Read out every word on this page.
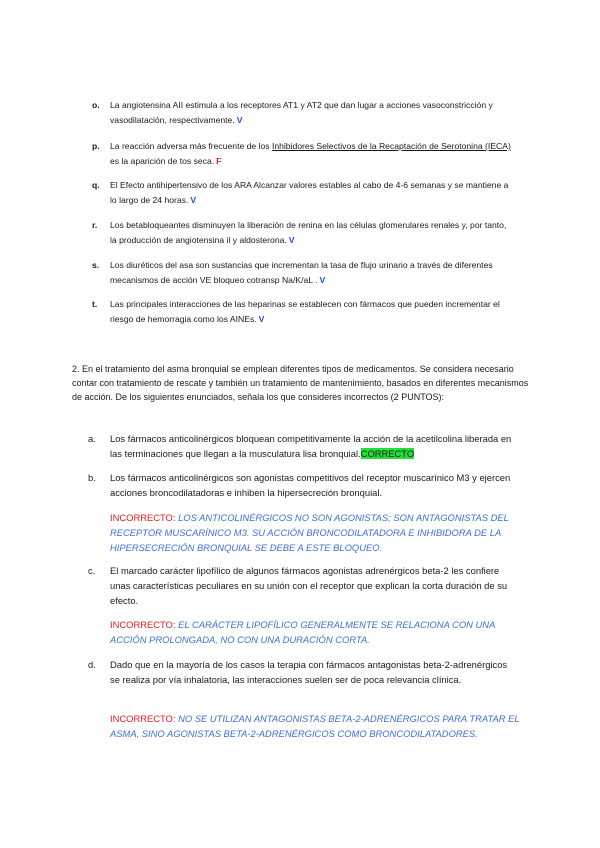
o. La angiotensina AII estimula a los receptores AT1 y AT2 que dan lugar a acciones vasoconstricción y vasodilatación, respectivamente. V
p. La reacción adversa más frecuente de los Inhibidores Selectivos de la Recaptación de Serotonina (IECA) es la aparición de tos seca. F
q. El Efecto antihipertensivo de los ARA Alcanzar valores estables al cabo de 4-6 semanas y se mantiene a lo largo de 24 horas. V
r. Los betabloqueantes disminuyen la liberación de renina en las células glomerulares renales y, por tanto, la producción de angiotensina il y aldosterona. V
s. Los diuréticos del asa son sustancias que incrementan la tasa de flujo urinario a través de diferentes mecanismos de acción VE bloqueo cotransp Na/K/aL . V
t. Las principales interacciones de las heparinas se establecen con fármacos que pueden incrementar el riesgo de hemorragia como los AINEs. V
2. En el tratamiento del asma bronquial se emplean diferentes tipos de medicamentos. Se considera necesario contar con tratamiento de rescate y también un tratamiento de mantenimiento, basados en diferentes mecanismos de acción. De los siguientes enunciados, señala los que consideres incorrectos (2 PUNTOS):
a. Los fármacos anticolinérgicos bloquean competitivamente la acción de la acetilcolina liberada en las terminaciones que llegan a la musculatura lisa bronquial.CORRECTO
b. Los fármacos anticolinérgicos son agonistas competitivos del receptor muscarínico M3 y ejercen acciones broncodilatadoras e inhiben la hipersecreción bronquial.
INCORRECTO: LOS ANTICOLINÉRGICOS NO SON AGONISTAS; SON ANTAGONISTAS DEL RECEPTOR MUSCARÍNICO M3. SU ACCIÓN BRONCODILATADORA E INHIBIDORA DE LA HIPERSECRECIÓN BRONQUIAL SE DEBE A ESTE BLOQUEO.
c. El marcado carácter lipofílico de algunos fármacos agonistas adrenérgicos beta-2 les confiere unas características peculiares en su unión con el receptor que explican la corta duración de su efecto.
INCORRECTO: EL CARÁCTER LIPOFÍLICO GENERALMENTE SE RELACIONA CON UNA ACCIÓN PROLONGADA, NO CON UNA DURACIÓN CORTA.
d. Dado que en la mayoría de los casos la terapia con fármacos antagonistas beta-2-adrenérgicos se realiza por vía inhalatoria, las interacciones suelen ser de poca relevancia clínica.
INCORRECTO: NO SE UTILIZAN ANTAGONISTAS BETA-2-ADRENÉRGICOS PARA TRATAR EL ASMA, SINO AGONISTAS BETA-2-ADRENÉRGICOS COMO BRONCODILATADORES.
